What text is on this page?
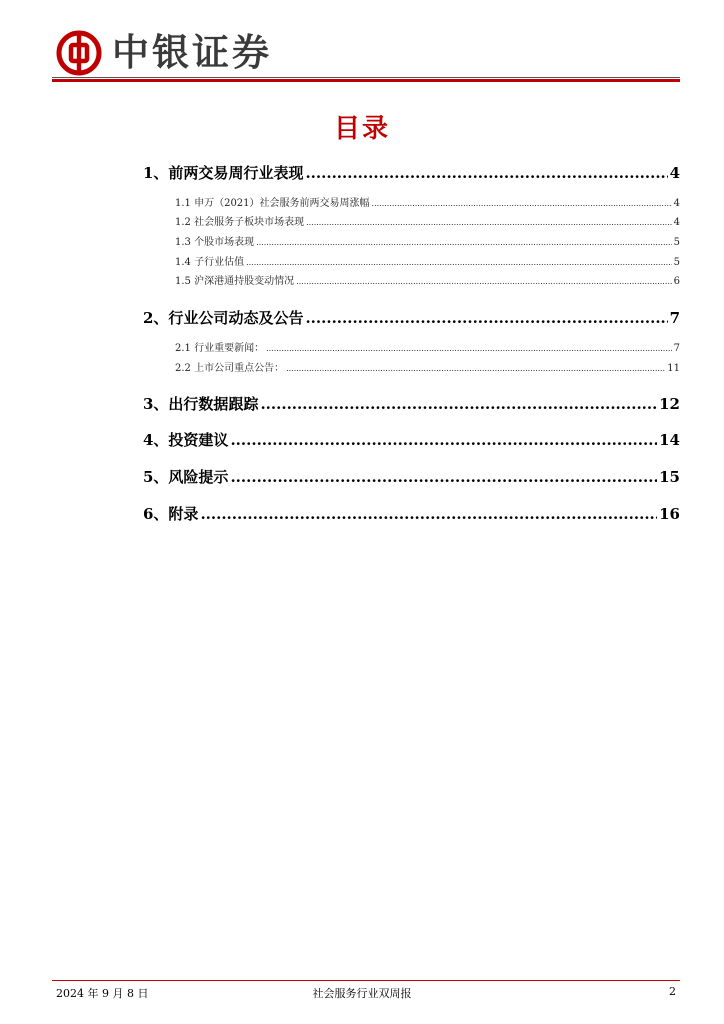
中银证券
目录
1、前两交易周行业表现 .....	4
1.1 申万（2021）社会服务前两交易周涨幅 .....	4
1.2 社会服务子板块市场表现 .....	4
1.3 个股市场表现 .....	5
1.4 子行业估值 .....	5
1.5 沪深港通持股变动情况 .....	6
2、行业公司动态及公告 .....	7
2.1 行业重要新闻： .....	7
2.2 上市公司重点公告： .....	11
3、出行数据跟踪 .....	12
4、投资建议 .....	14
5、风险提示 .....	15
6、附录 .....	16
2024 年 9 月 8 日	社会服务行业双周报	2
